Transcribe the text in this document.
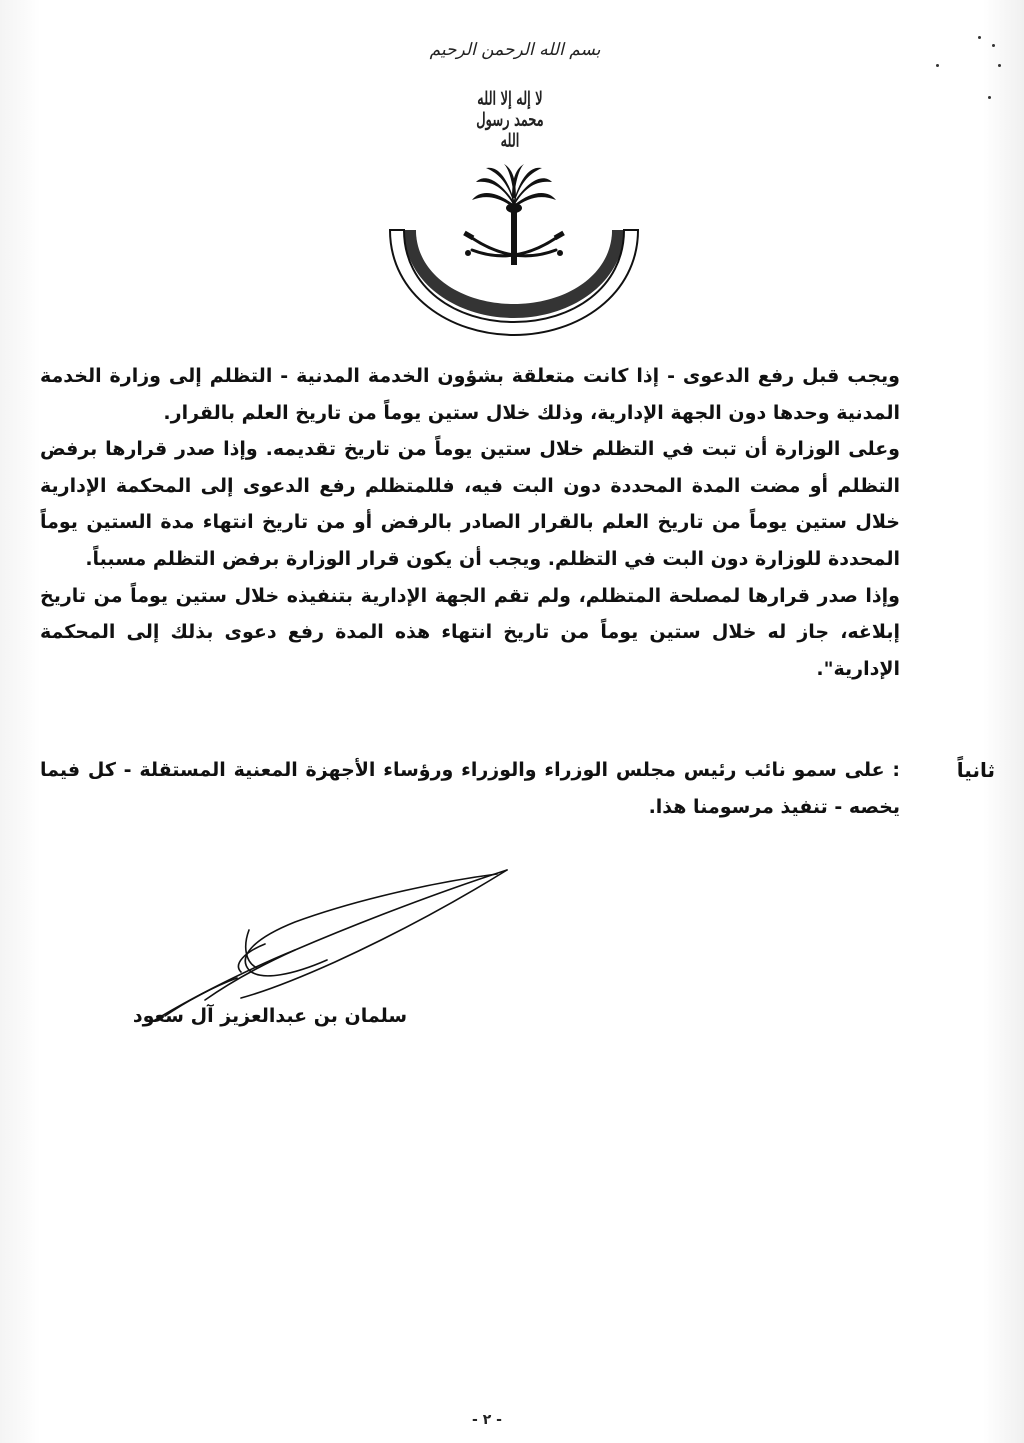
بسم الله الرحمن الرحيم
لا إله إلا الله محمد رسول الله

ويجب قبل رفع الدعوى - إذا كانت متعلقة بشؤون الخدمة المدنية - التظلم إلى وزارة الخدمة المدنية وحدها دون الجهة الإدارية، وذلك خلال ستين يوماً من تاريخ العلم بالقرار.

وعلى الوزارة أن تبت في التظلم خلال ستين يوماً من تاريخ تقديمه. وإذا صدر قرارها برفض التظلم أو مضت المدة المحددة دون البت فيه، فللمتظلم رفع الدعوى إلى المحكمة الإدارية خلال ستين يوماً من تاريخ العلم بالقرار الصادر بالرفض أو من تاريخ انتهاء مدة الستين يوماً المحددة للوزارة دون البت في التظلم. ويجب أن يكون قرار الوزارة برفض التظلم مسبباً.

وإذا صدر قرارها لمصلحة المتظلم، ولم تقم الجهة الإدارية بتنفيذه خلال ستين يوماً من تاريخ إبلاغه، جاز له خلال ستين يوماً من تاريخ انتهاء هذه المدة رفع دعوى بذلك إلى المحكمة الإدارية".

ثانياً
: على سمو نائب رئيس مجلس الوزراء والوزراء ورؤساء الأجهزة المعنية المستقلة - كل فيما يخصه - تنفيذ مرسومنا هذا.
سلمان بن عبدالعزيز آل سعود
- ٢ -
